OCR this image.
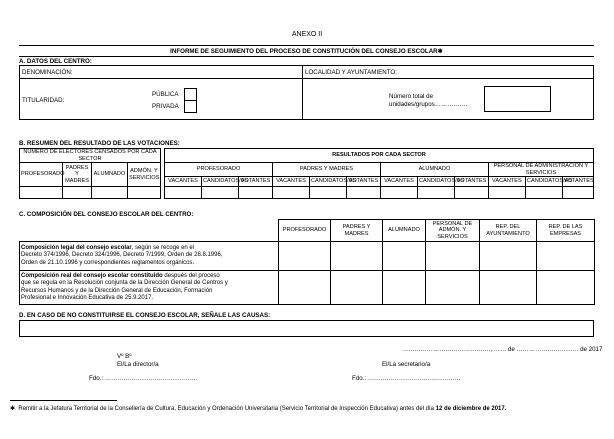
ANEXO II
INFORME DE SEGUIMIENTO DEL PROCESO DE CONSTITUCIÓN DEL CONSEJO ESCOLAR✱
A. DATOS DEL CENTRO:
DENOMINACIÓN:	LOCALIDAD Y AYUNTAMIENTO:
TITULARIDAD:
PÚBLICA
PRIVADA
Número total de
unidades/grupos…………….
B. RESUMEN DEL RESULTADO DE LAS VOTACIONES:
NÚMERO DE ELECTORES CENSADOS POR CADA SECTOR					RESULTADOS POR CADA SECTOR											
PROFESORADO	PADRES Y MADRES	ALUMNADO	ADMÓN. Y SERVICIOS		PROFESORADO			PADRES Y MADRES			ALUMNADO			PERSONAL DE ADMINISTRACIÓN Y SERVICIOS		
					VACANTES	CANDIDATOS/AS	VOTANTES	VACANTES	CANDIDATOS/AS	VOTANTES	VACANTES	CANDIDATOS/AS	VOTANTES	VACANTES	CANDIDATOS/AS	VOTANTES

C. COMPOSICIÓN DEL CONSEJO ESCOLAR DEL CENTRO:
	PROFESORADO	PADRES Y MADRES	ALUMNADO	PERSONAL DE ADMÓN. Y SERVICIOS	REP. DEL AYUNTAMIENTO	REP. DE LAS EMPRESAS
Composición legal del consejo escolar, según se recoge en el
Decreto 374/1996, Decreto 324/1996, Decreto 7/1999, Orden de 28.8.1996,
Orden de 21.10.1996 y correspondientes reglamentos orgánicos.						
Composición real del consejo escolar constituido después del proceso
que se regula en la Resolución conjunta de la Dirección General de Centros y
Recursos Humanos y de la Dirección General de Educación, Formación
Profesional e Innovación Educativa de 25.9.2017.						
D. EN CASO DE NO CONSTITUIRSE EL CONSEJO ESCOLAR, SEÑALE LAS CAUSAS:
……………………………………., …… de ………………………… de 2017
Vº Bº
El/La director/a	El/La secretario/a
Fdo.: ………………………………………	Fdo.: ………………………………………
✱ Remitir a la Jefatura Territorial de la Consellería de Cultura, Educación y Ordenación Universitaria (Servicio Territorial de Inspección Educativa) antes del día 12 de diciembre de 2017.
